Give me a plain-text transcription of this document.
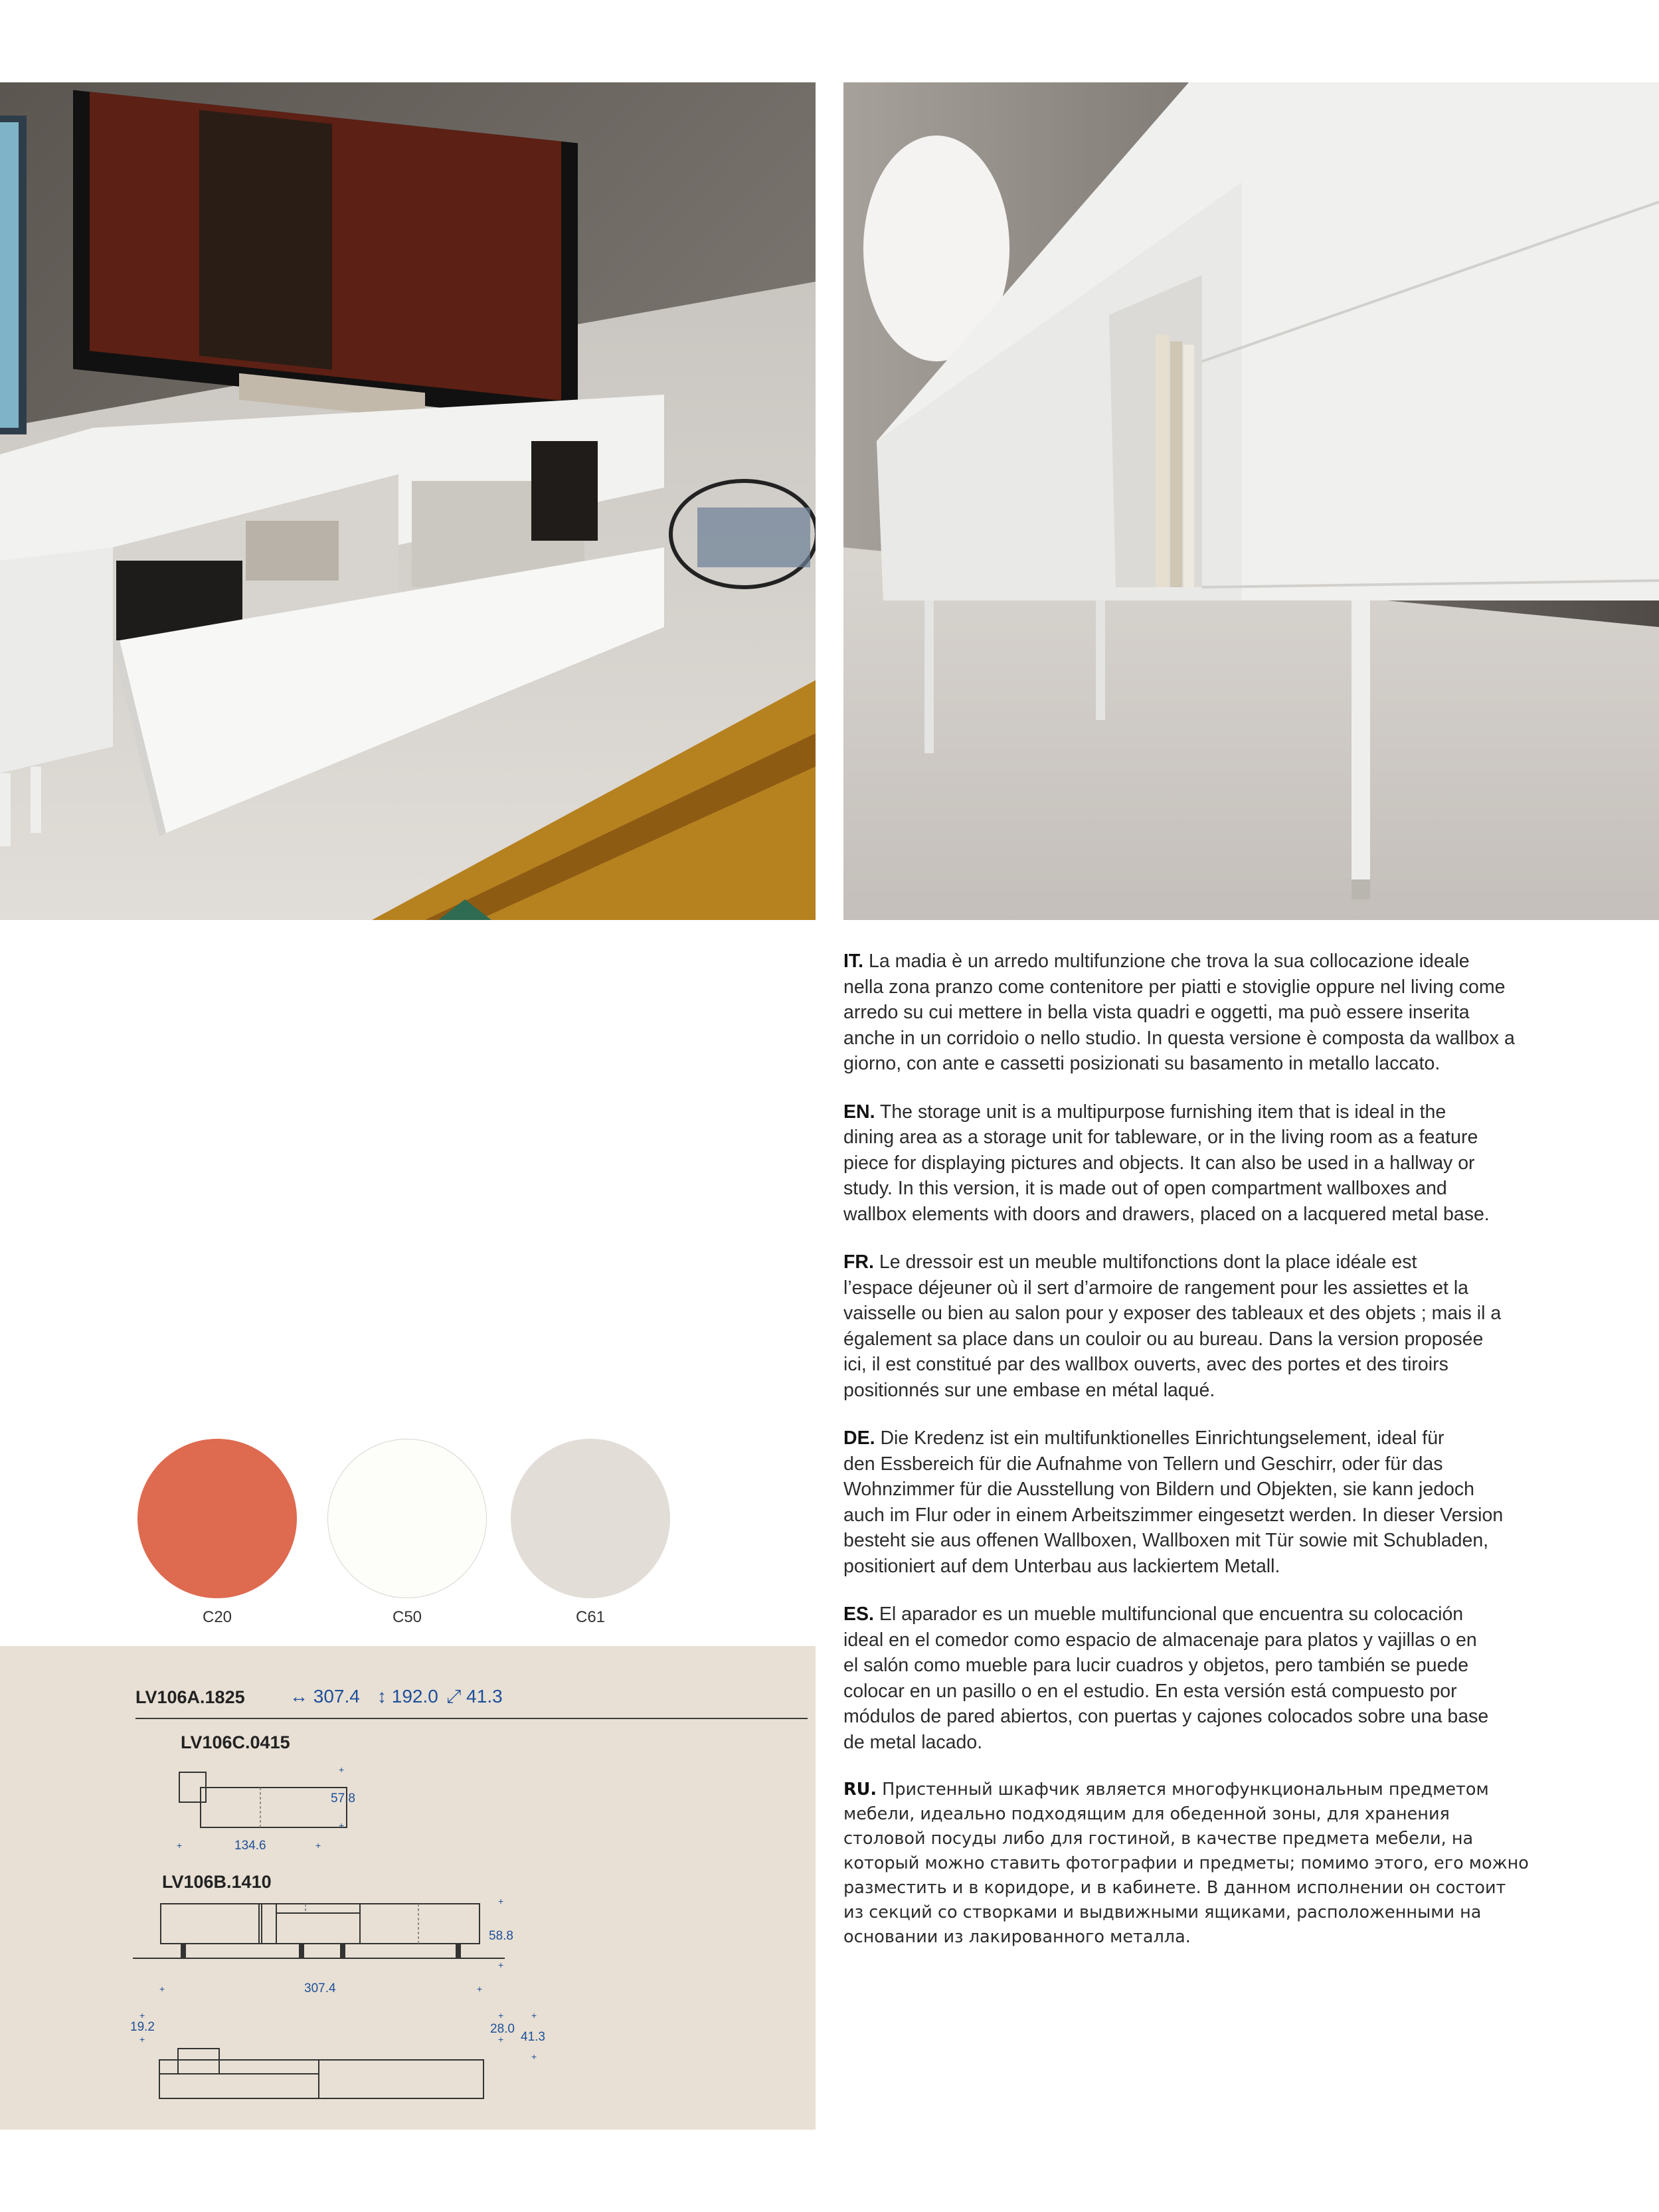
IT. La madia è un arredo multifunzione che trova la sua collocazione ideale
nella zona pranzo come contenitore per piatti e stoviglie oppure nel living come
arredo su cui mettere in bella vista quadri e oggetti, ma può essere inserita
anche in un corridoio o nello studio. In questa versione è composta da wallbox a
giorno, con ante e cassetti posizionati su basamento in metallo laccato.

EN. The storage unit is a multipurpose furnishing item that is ideal in the
dining area as a storage unit for tableware, or in the living room as a feature
piece for displaying pictures and objects. It can also be used in a hallway or
study. In this version, it is made out of open compartment wallboxes and
wallbox elements with doors and drawers, placed on a lacquered metal base.

FR. Le dressoir est un meuble multifonctions dont la place idéale est
l’espace déjeuner où il sert d’armoire de rangement pour les assiettes et la
vaisselle ou bien au salon pour y exposer des tableaux et des objets ; mais il a
également sa place dans un couloir ou au bureau. Dans la version proposée
ici, il est constitué par des wallbox ouverts, avec des portes et des tiroirs
positionnés sur une embase en métal laqué.

DE. Die Kredenz ist ein multifunktionelles Einrichtungselement, ideal für
den Essbereich für die Aufnahme von Tellern und Geschirr, oder für das
Wohnzimmer für die Ausstellung von Bildern und Objekten, sie kann jedoch
auch im Flur oder in einem Arbeitszimmer eingesetzt werden. In dieser Version
besteht sie aus offenen Wallboxen, Wallboxen mit Tür sowie mit Schubladen,
positioniert auf dem Unterbau aus lackiertem Metall.

ES. El aparador es un mueble multifuncional que encuentra su colocación
ideal en el comedor como espacio de almacenaje para platos y vajillas o en
el salón como mueble para lucir cuadros y objetos, pero también se puede
colocar en un pasillo o en el estudio. En esta versión está compuesto por
módulos de pared abiertos, con puertas y cajones colocados sobre una base
de metal lacado.

RU. Пристенный шкафчик является многофункциональным предметом
мебели, идеально подходящим для обеденной зоны, для хранения
столовой посуды либо для гостиной, в качестве предмета мебели, на
который можно ставить фотографии и предметы; помимо этого, его можно
разместить и в коридоре, и в кабинете. В данном исполнении он состоит
из секций со створками и выдвижными ящиками, расположенными на
основании из лакированного металла.

C20	C50	C61
LV106A.1825 ↔ 307.4 ↕ 192.0 ⤢ 41.3
LV106C.0415
57.8
134.6
+
+
+	+
LV106B.1410
58.8
307.4
19.2	28.0
41.3
+
+
+	+
+
+
+
+
+
+
